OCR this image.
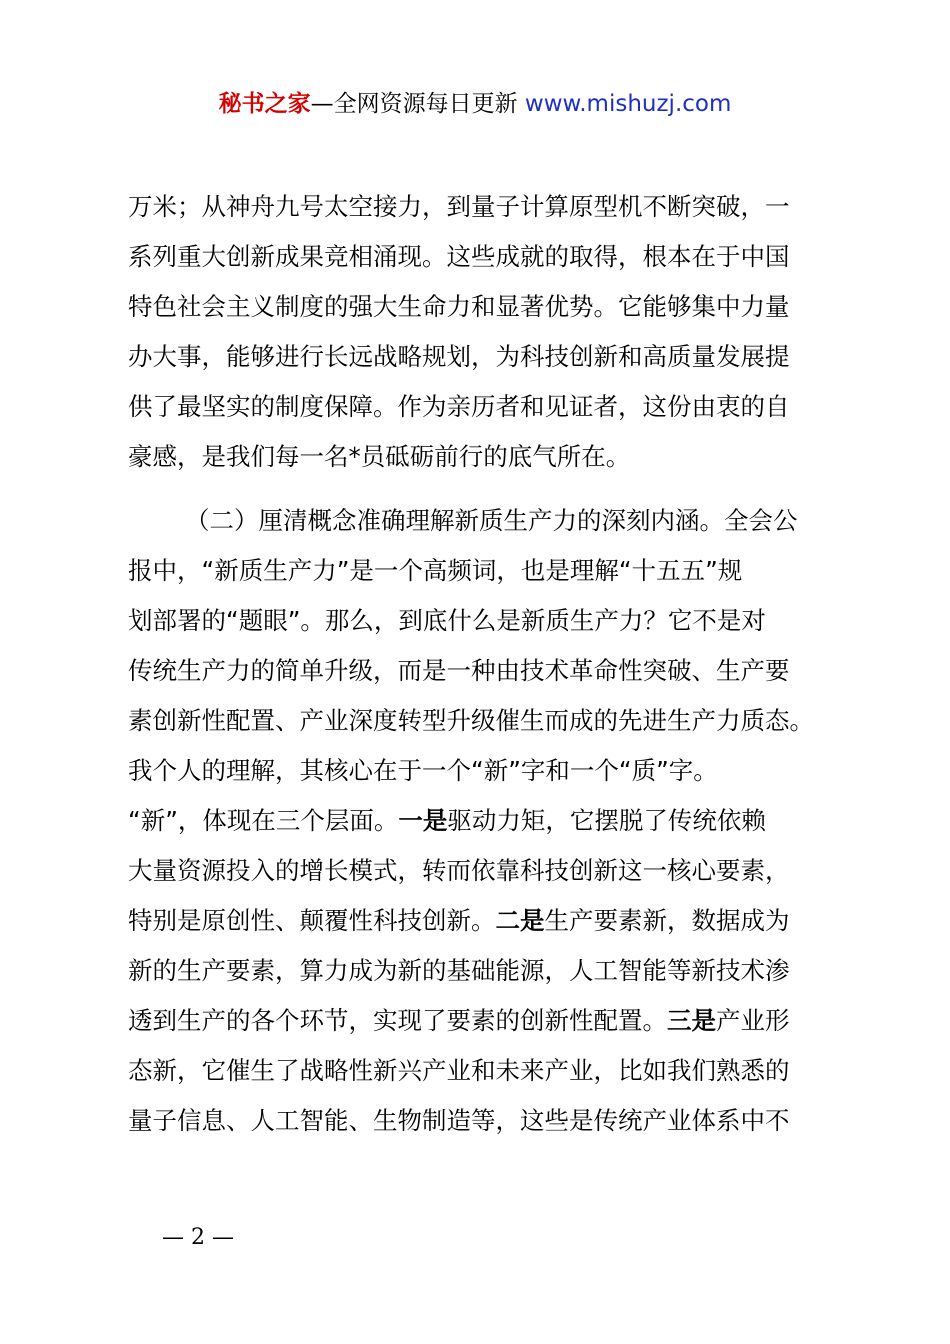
秘书之家—全网资源每日更新 www.mishuzj.com
万米；从神舟九号太空接力，到量子计算原型机不断突破，一
系列重大创新成果竞相涌现。这些成就的取得，根本在于中国
特色社会主义制度的强大生命力和显著优势。它能够集中力量
办大事，能够进行长远战略规划，为科技创新和高质量发展提
供了最坚实的制度保障。作为亲历者和见证者，这份由衷的自
豪感，是我们每一名*员砥砺前行的底气所在。
（二）厘清概念准确理解新质生产力的深刻内涵。全会公
报中，“新质生产力”是一个高频词，也是理解“十五五”规
划部署的“题眼”。那么，到底什么是新质生产力？它不是对
传统生产力的简单升级，而是一种由技术革命性突破、生产要
素创新性配置、产业深度转型升级催生而成的先进生产力质态。
我个人的理解，其核心在于一个“新”字和一个“质”字。
“新”，体现在三个层面。一是驱动力矩，它摆脱了传统依赖
大量资源投入的增长模式，转而依靠科技创新这一核心要素，
特别是原创性、颠覆性科技创新。二是生产要素新，数据成为
新的生产要素，算力成为新的基础能源，人工智能等新技术渗
透到生产的各个环节，实现了要素的创新性配置。三是产业形
态新，它催生了战略性新兴产业和未来产业，比如我们熟悉的
量子信息、人工智能、生物制造等，这些是传统产业体系中不
— 2 —
